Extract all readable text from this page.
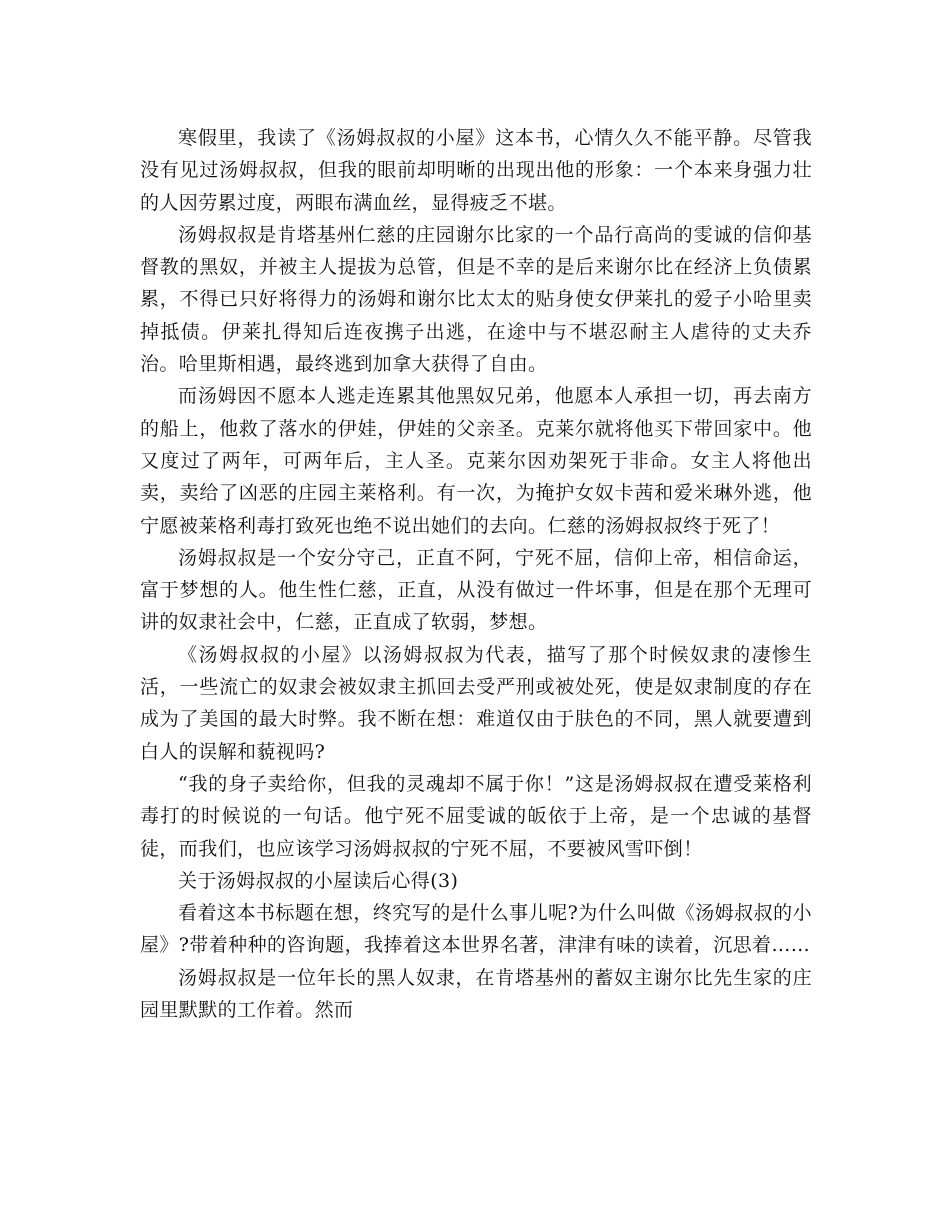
寒假里，我读了《汤姆叔叔的小屋》这本书，心情久久不能平静。尽管我没有见过汤姆叔叔，但我的眼前却明晰的出现出他的形象：一个本来身强力壮的人因劳累过度，两眼布满血丝，显得疲乏不堪。

汤姆叔叔是肯塔基州仁慈的庄园谢尔比家的一个品行高尚的雯诚的信仰基督教的黑奴，并被主人提拔为总管，但是不幸的是后来谢尔比在经济上负债累累，不得已只好将得力的汤姆和谢尔比太太的贴身使女伊莱扎的爱子小哈里卖掉抵债。伊莱扎得知后连夜携子出逃，在途中与不堪忍耐主人虐待的丈夫乔治。哈里斯相遇，最终逃到加拿大获得了自由。

而汤姆因不愿本人逃走连累其他黑奴兄弟，他愿本人承担一切，再去南方的船上，他救了落水的伊娃，伊娃的父亲圣。克莱尔就将他买下带回家中。他又度过了两年，可两年后，主人圣。克莱尔因劝架死于非命。女主人将他出卖，卖给了凶恶的庄园主莱格利。有一次，为掩护女奴卡茜和爱米琳外逃，他宁愿被莱格利毒打致死也绝不说出她们的去向。仁慈的汤姆叔叔终于死了！

汤姆叔叔是一个安分守己，正直不阿，宁死不屈，信仰上帝，相信命运，富于梦想的人。他生性仁慈，正直，从没有做过一件坏事，但是在那个无理可讲的奴隶社会中，仁慈，正直成了软弱，梦想。

《汤姆叔叔的小屋》以汤姆叔叔为代表，描写了那个时候奴隶的凄惨生活，一些流亡的奴隶会被奴隶主抓回去受严刑或被处死，使是奴隶制度的存在成为了美国的最大时弊。我不断在想：难道仅由于肤色的不同，黑人就要遭到白人的误解和藐视吗?

“我的身子卖给你，但我的灵魂却不属于你！”这是汤姆叔叔在遭受莱格利毒打的时候说的一句话。他宁死不屈雯诚的皈依于上帝，是一个忠诚的基督徒，而我们，也应该学习汤姆叔叔的宁死不屈，不要被风雪吓倒！

关于汤姆叔叔的小屋读后心得(3)

看着这本书标题在想，终究写的是什么事儿呢?为什么叫做《汤姆叔叔的小屋》?带着种种的咨询题，我捧着这本世界名著，津津有味的读着，沉思着……

汤姆叔叔是一位年长的黑人奴隶，在肯塔基州的蓄奴主谢尔比先生家的庄园里默默的工作着。然而
